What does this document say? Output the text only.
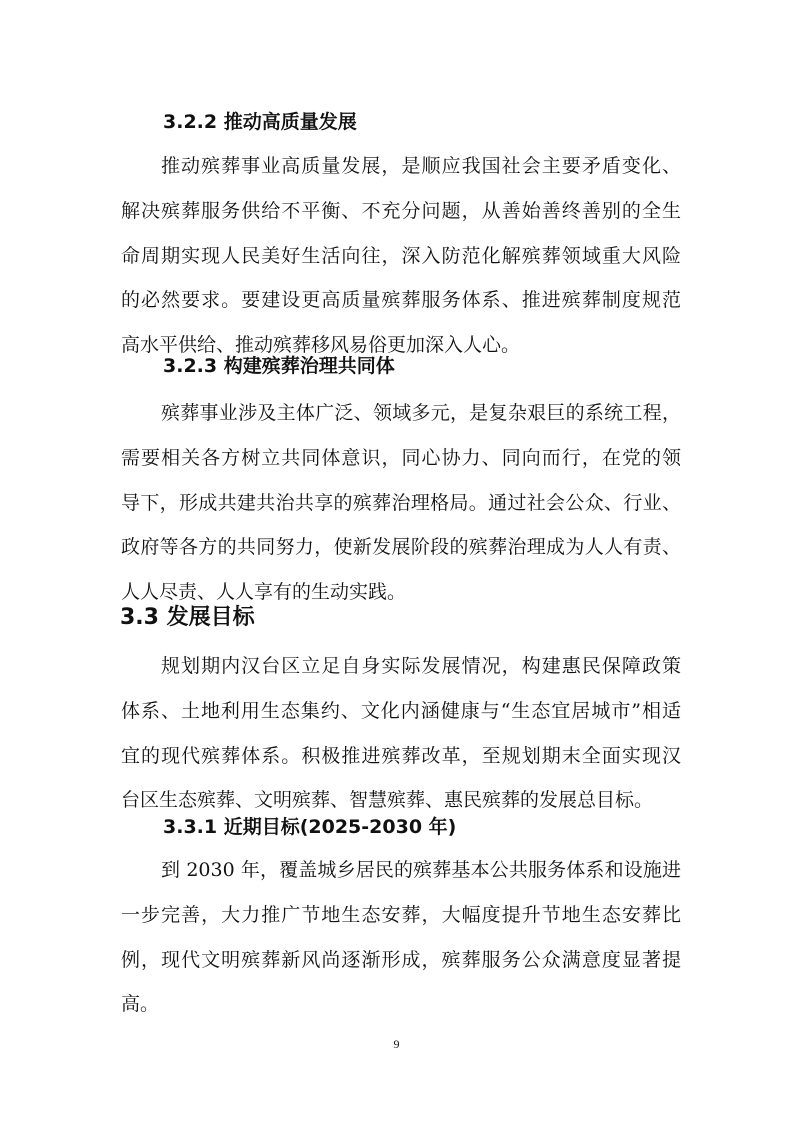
3.2.2 推动高质量发展
推动殡葬事业高质量发展，是顺应我国社会主要矛盾变化、
解决殡葬服务供给不平衡、不充分问题，从善始善终善别的全生
命周期实现人民美好生活向往，深入防范化解殡葬领域重大风险
的必然要求。要建设更高质量殡葬服务体系、推进殡葬制度规范
高水平供给、推动殡葬移风易俗更加深入人心。
3.2.3 构建殡葬治理共同体
殡葬事业涉及主体广泛、领域多元，是复杂艰巨的系统工程，
需要相关各方树立共同体意识，同心协力、同向而行，在党的领
导下，形成共建共治共享的殡葬治理格局。通过社会公众、行业、
政府等各方的共同努力，使新发展阶段的殡葬治理成为人人有责、
人人尽责、人人享有的生动实践。
3.3 发展目标
规划期内汉台区立足自身实际发展情况，构建惠民保障政策
体系、土地利用生态集约、文化内涵健康与“生态宜居城市”相适
宜的现代殡葬体系。积极推进殡葬改革，至规划期末全面实现汉
台区生态殡葬、文明殡葬、智慧殡葬、惠民殡葬的发展总目标。
3.3.1 近期目标(2025-2030 年)
到 2030 年，覆盖城乡居民的殡葬基本公共服务体系和设施进
一步完善，大力推广节地生态安葬，大幅度提升节地生态安葬比
例，现代文明殡葬新风尚逐渐形成，殡葬服务公众满意度显著提
高。
9
